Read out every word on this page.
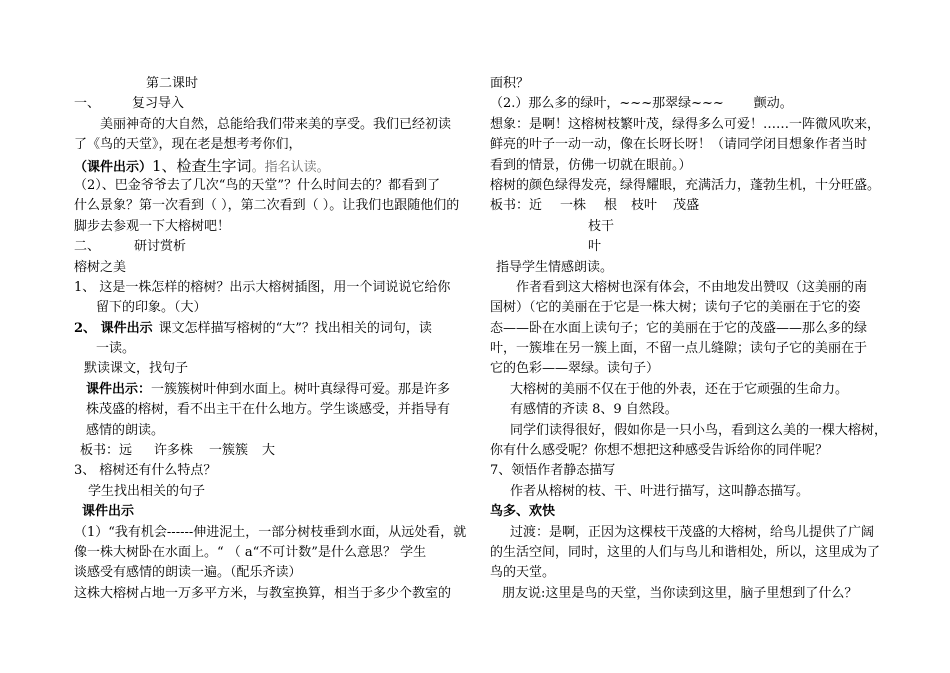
第二课时
一、 复习导入
美丽神奇的大自然，总能给我们带来美的享受。我们已经初读
了《鸟的天堂》，现在老是想考考你们，
（课件出示）1、检查生字词。指名认读。
（2）、巴金爷爷去了几次“鸟的天堂”？什么时间去的？都看到了
什么景象？第一次看到（ ），第二次看到（ ）。让我们也跟随他们的
脚步去参观一下大榕树吧！
二、	研讨赏析
榕树之美
1、 这是一株怎样的榕树？出示大榕树插图，用一个词说说它给你
留下的印象。（大）
2、 课件出示 课文怎样描写榕树的“大”？找出相关的词句，读
一读。
默读课文，找句子
课件出示：一簇簇树叶伸到水面上。树叶真绿得可爱。那是许多
株茂盛的榕树，看不出主干在什么地方。学生谈感受，并指导有
感情的朗读。
板书：远 许多株 一簇簇 大
3、 榕树还有什么特点？
学生找出相关的句子
课件出示
（1）“我有机会------伸进泥土，一部分树枝垂到水面，从远处看，就
像一株大树卧在水面上。“ （ a“不可计数”是什么意思？ 学生
谈感受有感情的朗读一遍。（配乐齐读）
这株大榕树占地一万多平方米，与教室换算，相当于多少个教室的
面积？
（2.）那么多的绿叶，~~~那翠绿~~~ 颤动。
想象：是啊！这榕树枝繁叶茂，绿得多么可爱！……一阵微风吹来，
鲜亮的叶子一动一动，像在长呀长呀！（请同学闭目想象作者当时
看到的情景，仿佛一切就在眼前。）
榕树的颜色绿得发亮，绿得耀眼，充满活力，蓬勃生机，十分旺盛。
板书：近 一株 根 枝叶 茂盛
枝干
叶
指导学生情感朗读。
作者看到这大榕树也深有体会，不由地发出赞叹（这美丽的南
国树）（它的美丽在于它是一株大树；读句子它的美丽在于它的姿
态——卧在水面上读句子；它的美丽在于它的茂盛——那么多的绿
叶，一簇堆在另一簇上面，不留一点儿缝隙；读句子它的美丽在于
它的色彩——翠绿。读句子）
大榕树的美丽不仅在于他的外表，还在于它顽强的生命力。
有感情的齐读 8、9 自然段。
同学们读得很好，假如你是一只小鸟，看到这么美的一棵大榕树，
你有什么感受呢？你想不想把这种感受告诉给你的同伴呢？
7、领悟作者静态描写
作者从榕树的枝、干、叶进行描写，这叫静态描写。
鸟多、欢快
过渡：是啊，正因为这棵枝干茂盛的大榕树，给鸟儿提供了广阔
的生活空间，同时，这里的人们与鸟儿和谐相处，所以，这里成为了
鸟的天堂。
朋友说:这里是鸟的天堂，当你读到这里，脑子里想到了什么？
